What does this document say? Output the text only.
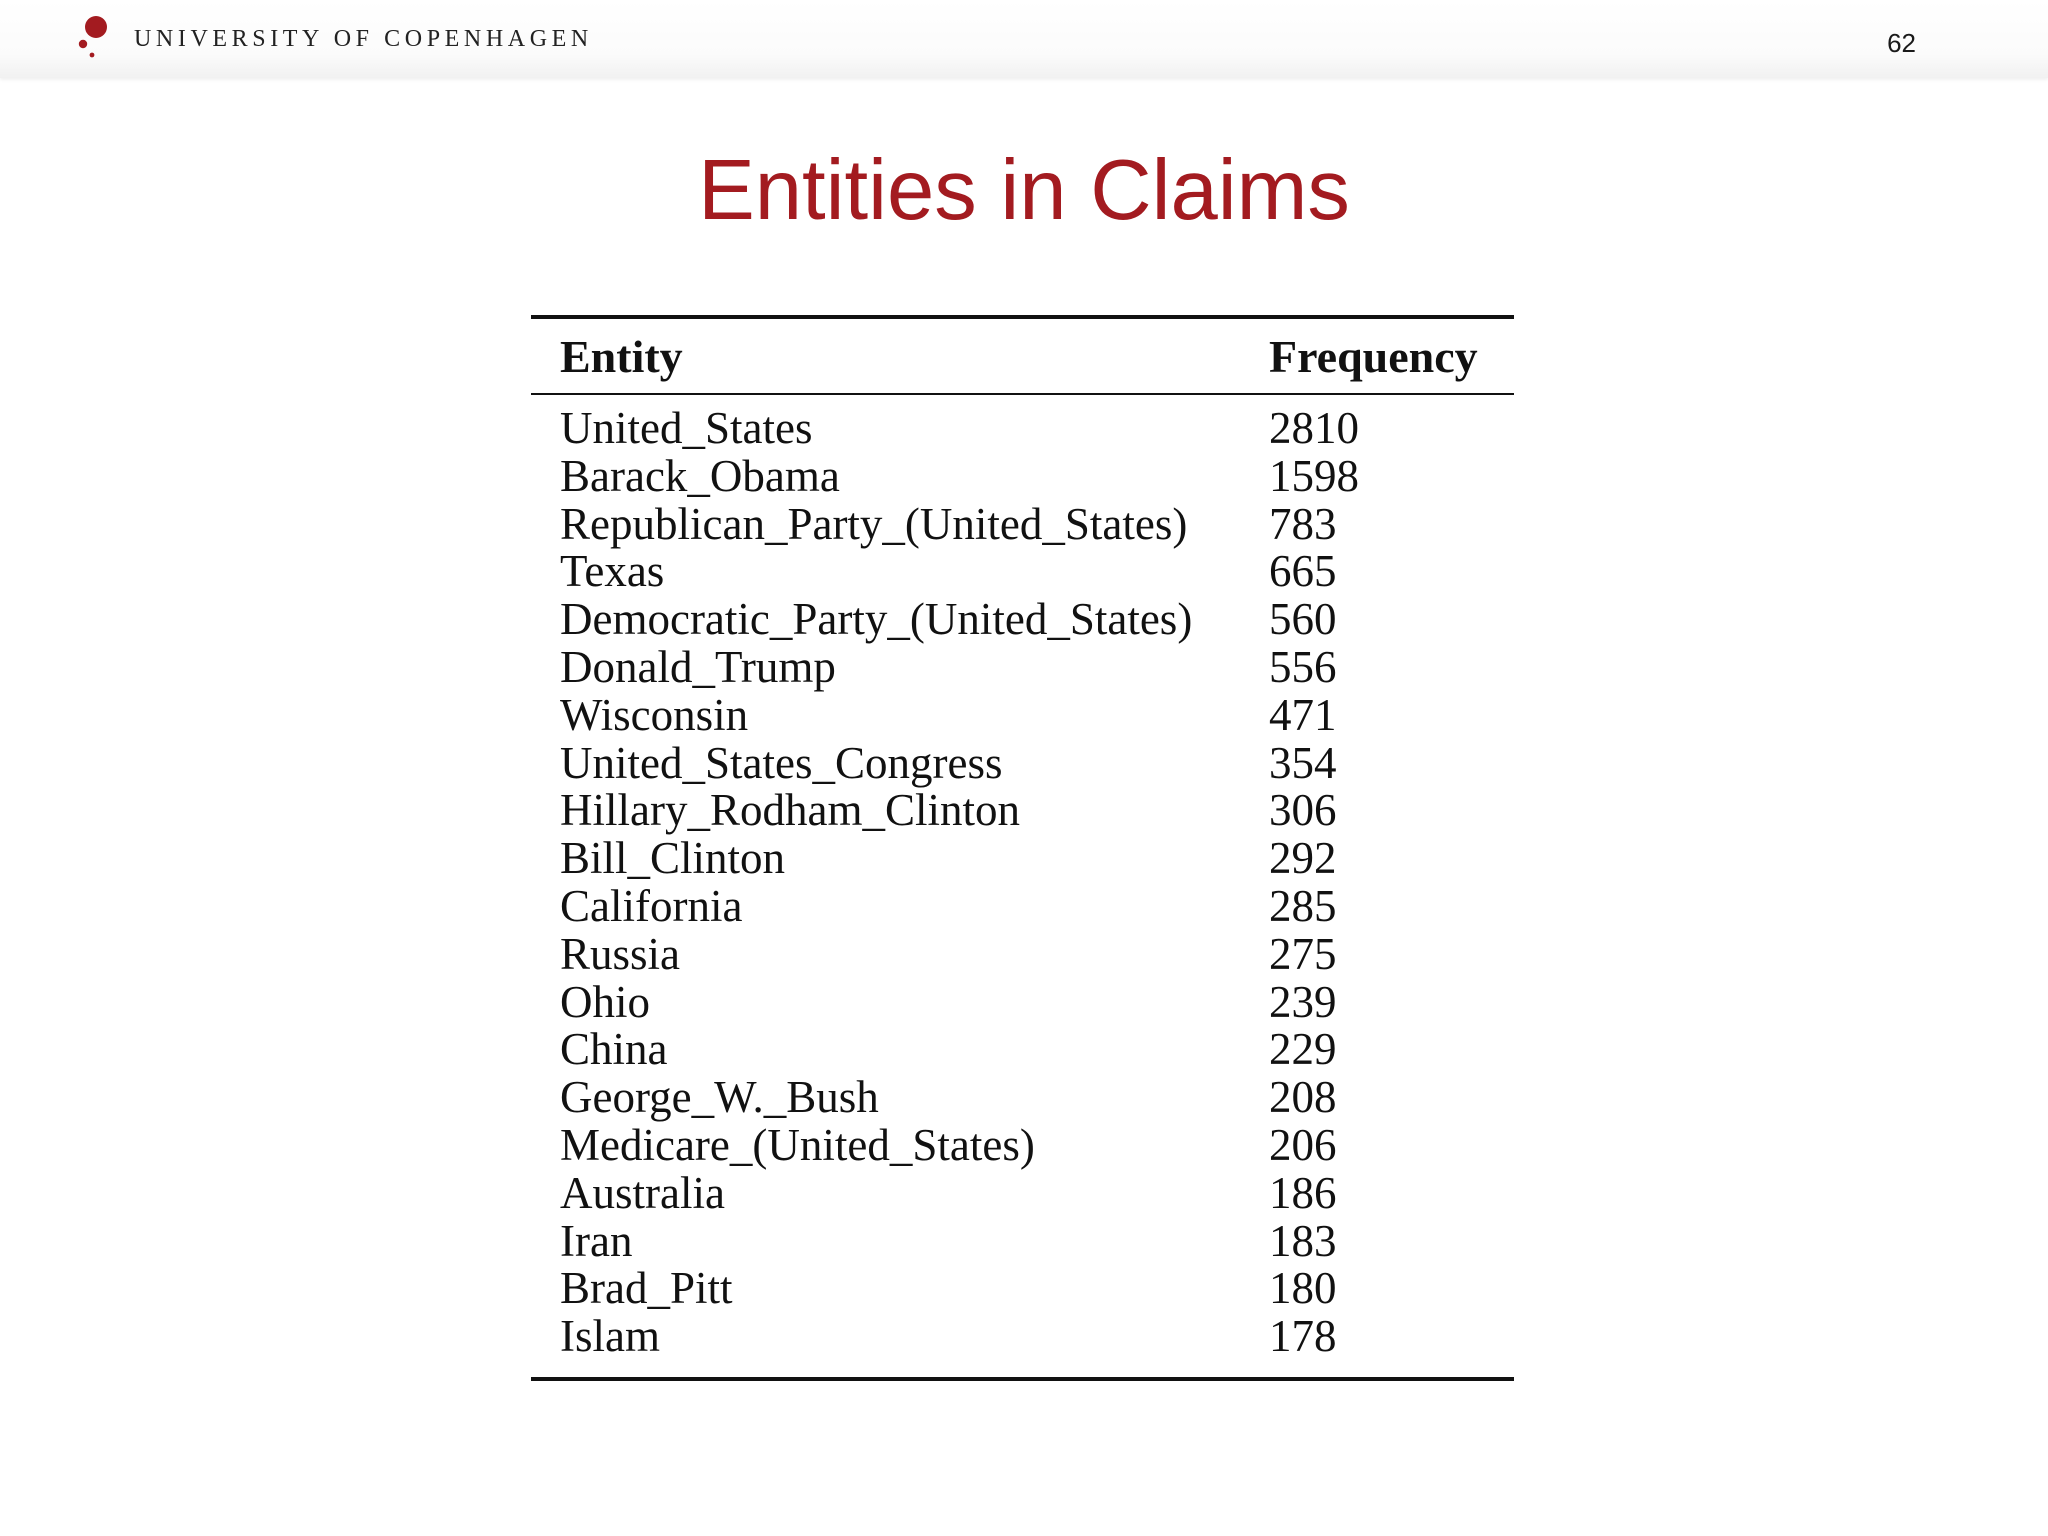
UNIVERSITY OF COPENHAGEN	62
Entities in Claims
Entity	Frequency
United_States	2810
Barack_Obama	1598
Republican_Party_(United_States) 783
Texas	665
Democratic_Party_(United_States) 560
Donald_Trump	556
Wisconsin	471
United_States_Congress	354
Hillary_Rodham_Clinton	306
Bill_Clinton	292
California	285
Russia	275
Ohio	239
China	229
George_W._Bush	208
Medicare_(United_States)	206
Australia	186
Iran	183
Brad_Pitt	180
Islam	178
